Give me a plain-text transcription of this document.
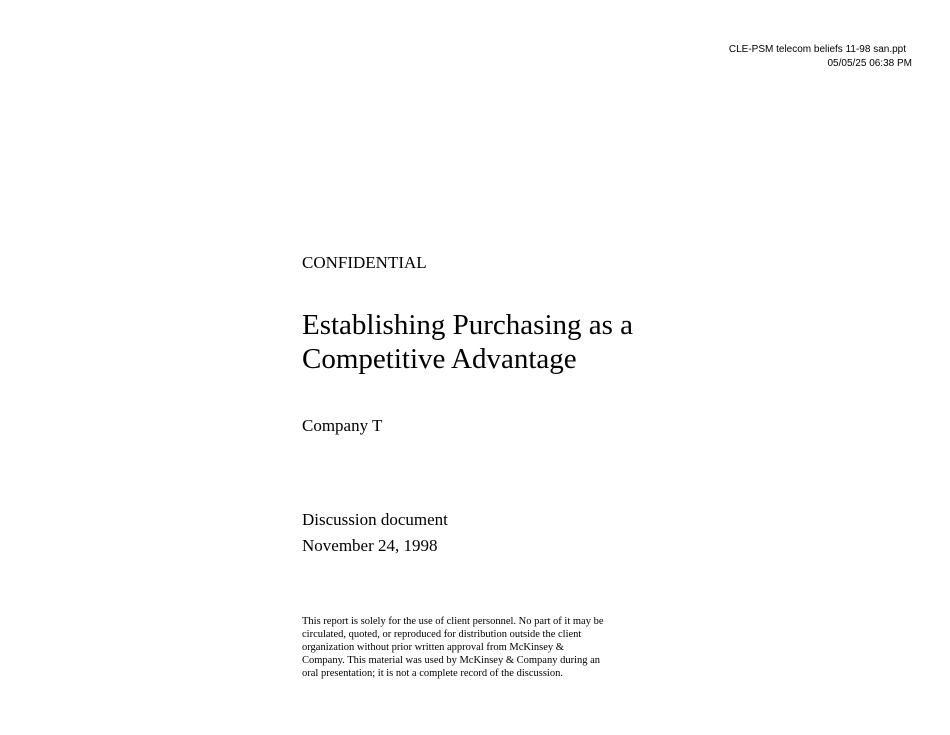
CLE-PSM telecom beliefs 11-98 san.ppt
05/05/25 06:38 PM
CONFIDENTIAL
Establishing Purchasing as a
Competitive Advantage
Company T
Discussion document
November 24, 1998
This report is solely for the use of client personnel. No part of it may be
circulated, quoted, or reproduced for distribution outside the client
organization without prior written approval from McKinsey &
Company. This material was used by McKinsey & Company during an
oral presentation; it is not a complete record of the discussion.
